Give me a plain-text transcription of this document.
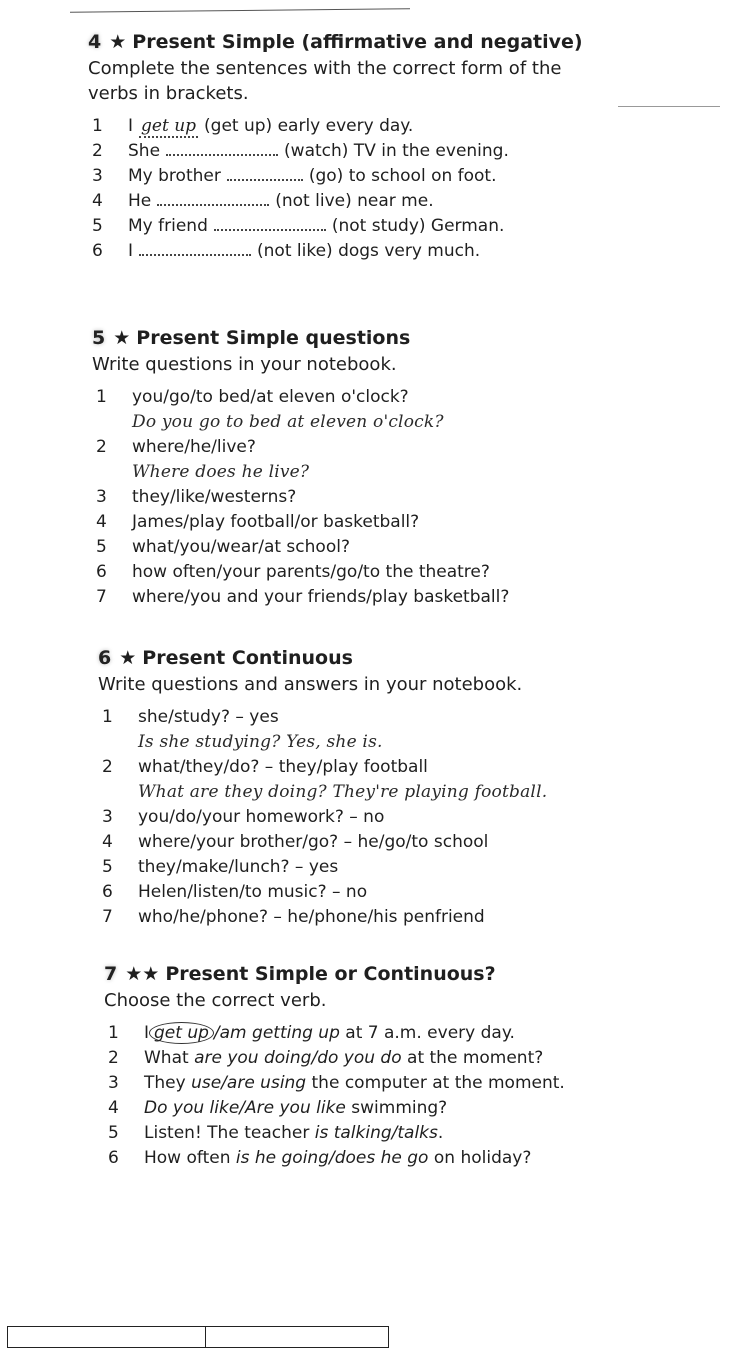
4 ★ Present Simple (affirmative and negative)
Complete the sentences with the correct form of the verbs in brackets.
1 I get up (get up) early every day.
2 She	(watch) TV in the evening.
3 My brother	(go) to school on foot.
4 He	(not live) near me.
5 My friend	(not study) German.
6 I	(not like) dogs very much.
5 ★ Present Simple questions
Write questions in your notebook.
1 you/go/to bed/at eleven o'clock?
Do you go to bed at eleven o'clock?
2 where/he/live?
Where does he live?
3 they/like/westerns?
4 James/play football/or basketball?
5 what/you/wear/at school?
6 how often/your parents/go/to the theatre?
7 where/you and your friends/play basketball?
6 ★ Present Continuous
Write questions and answers in your notebook.
1 she/study? – yes
Is she studying? Yes, she is.
2 what/they/do? – they/play football
What are they doing? They're playing football.
3 you/do/your homework? – no
4 where/your brother/go? – he/go/to school
5 they/make/lunch? – yes
6 Helen/listen/to music? – no
7 who/he/phone? – he/phone/his penfriend
7 ★★ Present Simple or Continuous?
Choose the correct verb.
1 I get up /am getting up at 7 a.m. every day.
2 What are you doing/do you do at the moment?
3 They use/are using the computer at the moment.
4 Do you like/Are you like swimming?
5 Listen! The teacher is talking/talks.
6 How often is he going/does he go on holiday?
